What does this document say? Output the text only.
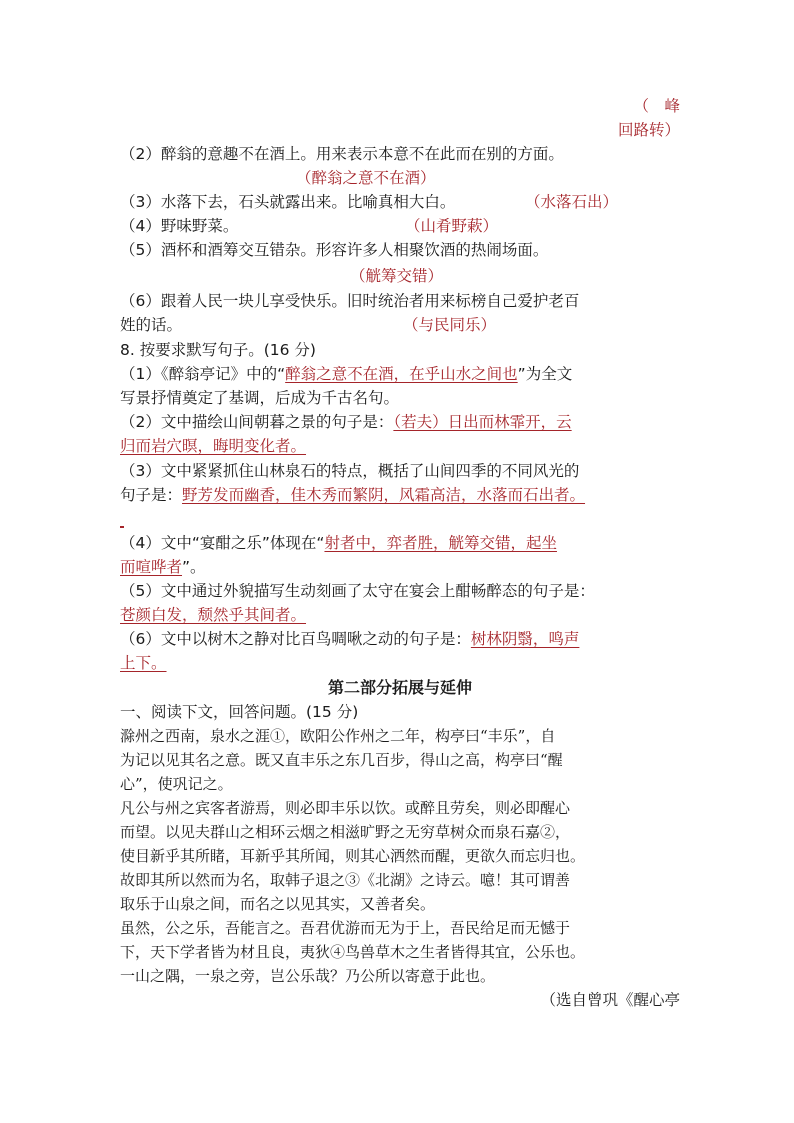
（　峰
回路转）
（2）醉翁的意趣不在酒上。用来表示本意不在此而在别的方面。
（醉翁之意不在酒）
（3）水落下去，石头就露出来。比喻真相大白。	（水落石出）
（4）野味野菜。	（山肴野蔌）
（5）酒杯和酒筹交互错杂。形容许多人相聚饮酒的热闹场面。
（觥筹交错）
（6）跟着人民一块儿享受快乐。旧时统治者用来标榜自己爱护老百
姓的话。	（与民同乐）
8. 按要求默写句子。(16 分)
（1）《醉翁亭记》中的“醉翁之意不在酒，在乎山水之间也”为全文
写景抒情奠定了基调，后成为千古名句。
（2）文中描绘山间朝暮之景的句子是：（若夫）日出而林霏开，云
归而岩穴暝，晦明变化者。
（3）文中紧紧抓住山林泉石的特点，概括了山间四季的不同风光的
句子是：野芳发而幽香，佳木秀而繁阴，风霜高洁，水落而石出者。
（4）文中“宴酣之乐”体现在“射者中，弈者胜，觥筹交错，起坐
而喧哗者”。
（5）文中通过外貌描写生动刻画了太守在宴会上酣畅醉态的句子是：
苍颜白发，颓然乎其间者。
（6）文中以树木之静对比百鸟啁啾之动的句子是：树林阴翳，鸣声
上下。
第二部分拓展与延伸
一、阅读下文，回答问题。(15 分)
滁州之西南，泉水之涯①，欧阳公作州之二年，构亭曰“丰乐”，自
为记以见其名之意。既又直丰乐之东几百步，得山之高，构亭曰“醒
心”，使巩记之。
凡公与州之宾客者游焉，则必即丰乐以饮。或醉且劳矣，则必即醒心
而望。以见夫群山之相环云烟之相滋旷野之无穷草树众而泉石嘉②，
使目新乎其所睹，耳新乎其所闻，则其心洒然而醒，更欲久而忘归也。
故即其所以然而为名，取韩子退之③《北湖》之诗云。噫！其可谓善
取乐于山泉之间，而名之以见其实，又善者矣。
虽然，公之乐，吾能言之。吾君优游而无为于上，吾民给足而无憾于
下，天下学者皆为材且良，夷狄④鸟兽草木之生者皆得其宜，公乐也。
一山之隅，一泉之旁，岂公乐哉？乃公所以寄意于此也。
（选自曾巩《醒心亭
